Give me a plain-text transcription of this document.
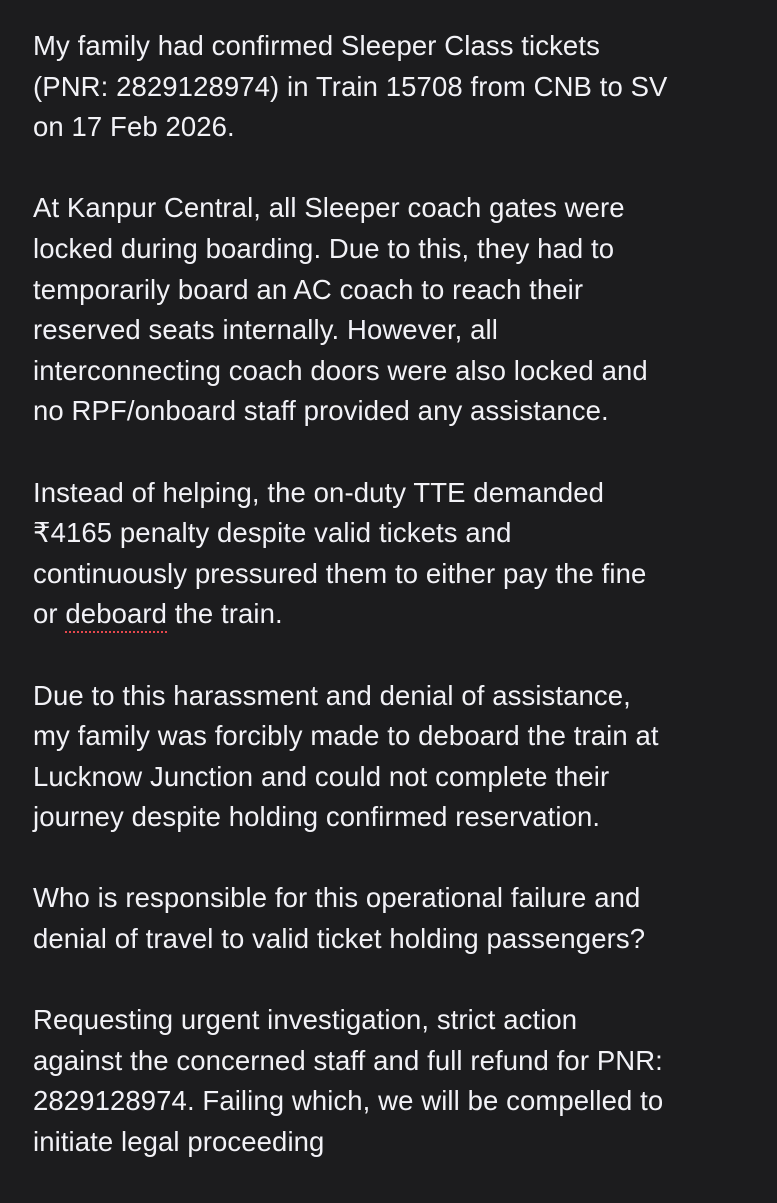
My family had confirmed Sleeper Class tickets
(PNR: 2829128974) in Train 15708 from CNB to SV
on 17 Feb 2026.

At Kanpur Central, all Sleeper coach gates were
locked during boarding. Due to this, they had to
temporarily board an AC coach to reach their
reserved seats internally. However, all
interconnecting coach doors were also locked and
no RPF/onboard staff provided any assistance.

Instead of helping, the on-duty TTE demanded
₹4165 penalty despite valid tickets and
continuously pressured them to either pay the fine
or deboard the train.

Due to this harassment and denial of assistance,
my family was forcibly made to deboard the train at
Lucknow Junction and could not complete their
journey despite holding confirmed reservation.

Who is responsible for this operational failure and
denial of travel to valid ticket holding passengers?

Requesting urgent investigation, strict action
against the concerned staff and full refund for PNR:
2829128974. Failing which, we will be compelled to
initiate legal proceeding
